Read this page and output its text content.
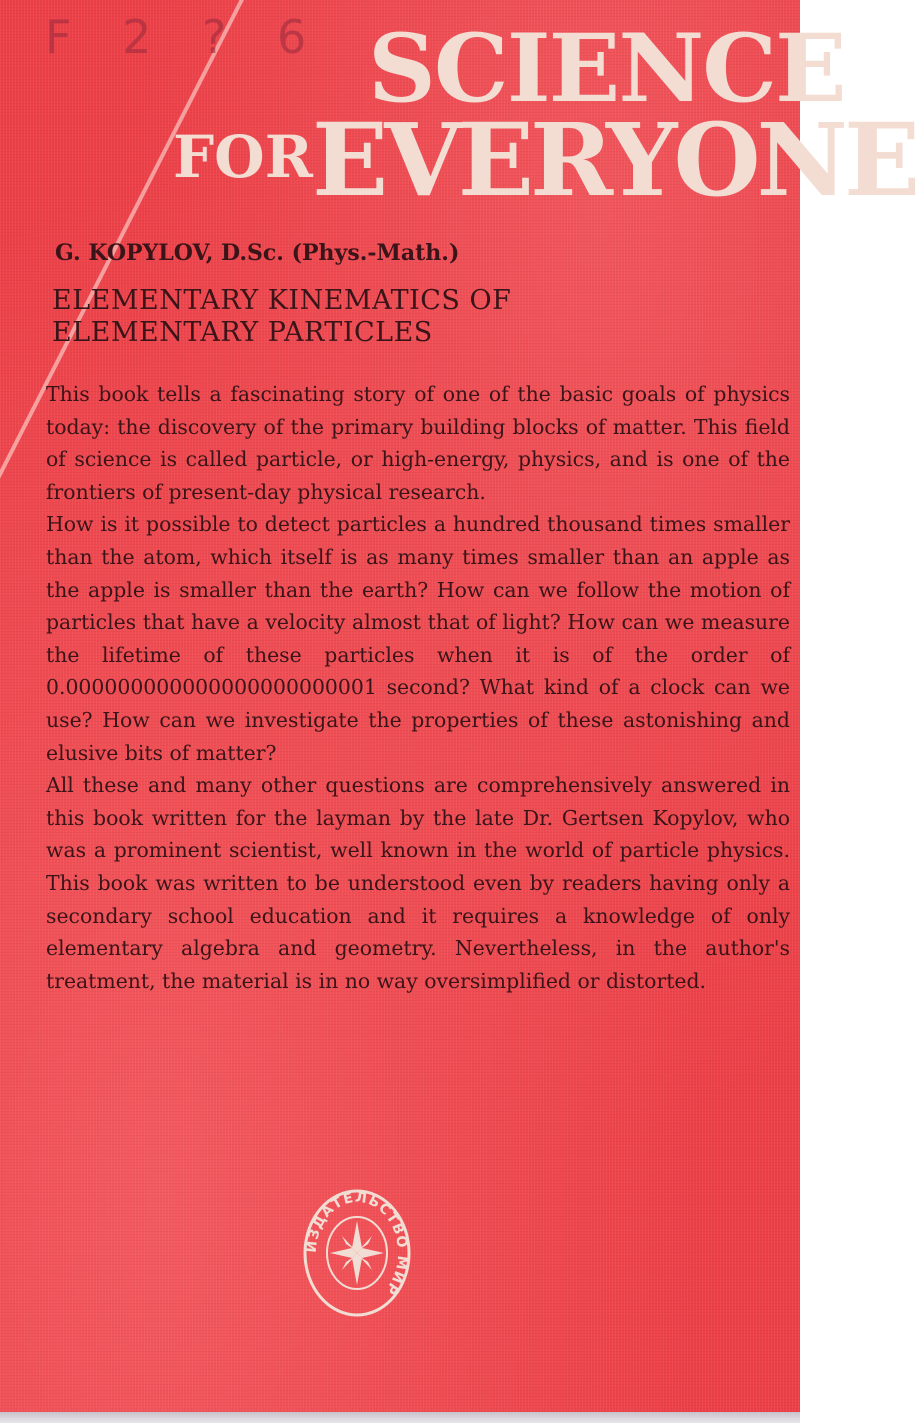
F 2 ? 6 SCIENCE
FOR EVERYONE
G. KOPYLOV, D.Sc. (Phys.-Math.)
ELEMENTARY KINEMATICS OF
ELEMENTARY PARTICLES

This book tells a fascinating story of one of the basic goals of physics today: the discovery of the primary building blocks of matter. This field of science is called particle, or high-energy, physics, and is one of the frontiers of present-day physical research.

How is it possible to detect particles a hundred thousand times smaller than the atom, which itself is as many times smaller than an apple as the apple is smaller than the earth? How can we follow the motion of particles that have a velocity almost that of light? How can we measure the lifetime of these particles when it is of the order of 0.000000000000000000000001 second? What kind of a clock can we use? How can we investigate the properties of these astonishing and elusive bits of matter?

All these and many other questions are comprehensively answered in this book written for the layman by the late Dr. Gertsen Kopylov, who was a prominent scientist, well known in the world of particle physics. This book was written to be understood even by readers having only a secondary school education and it requires a knowledge of only elementary algebra and geometry. Nevertheless, in the author's treatment, the material is in no way oversimplified or distorted.

ИЗДАТЕЛЬСТВО МИР
